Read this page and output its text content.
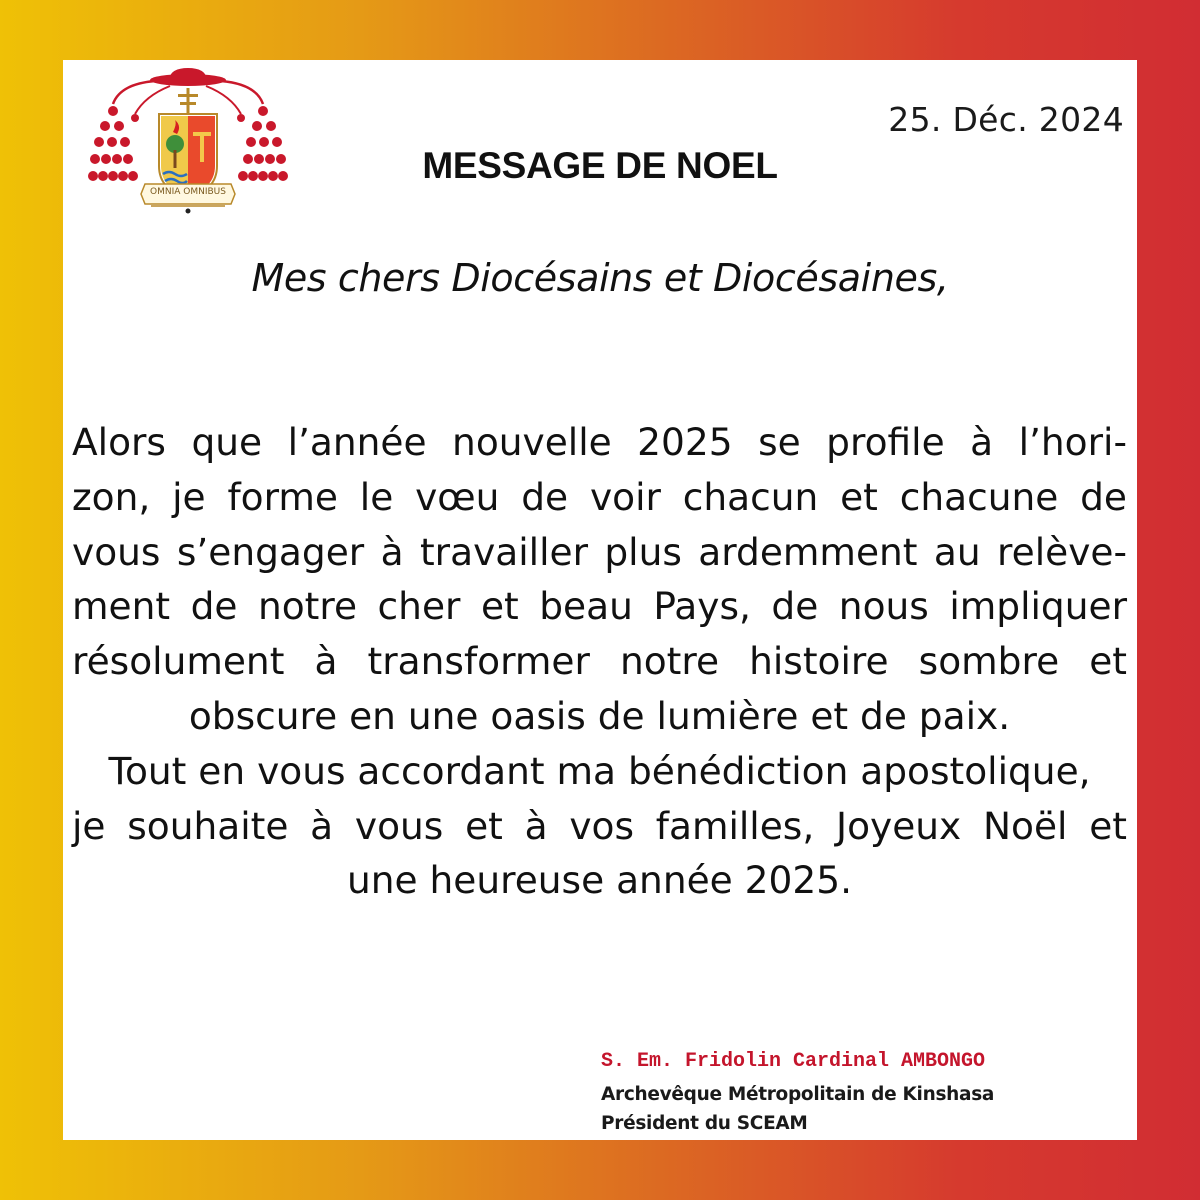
OMNIA OMNIBUS
25. Déc. 2024
MESSAGE DE NOEL
Mes chers Diocésains et Diocésaines,
Alors que l’année nouvelle 2025 se profile à l’hori-
zon, je forme le vœu de voir chacun et chacune de
vous s’engager à travailler plus ardemment au relève-
ment de notre cher et beau Pays, de nous impliquer
résolument à transformer notre histoire sombre et
obscure en une oasis de lumière et de paix.
Tout en vous accordant ma bénédiction apostolique,
je souhaite à vous et à vos familles, Joyeux Noël et
une heureuse année 2025.
S. Em. Fridolin Cardinal AMBONGO
Archevêque Métropolitain de Kinshasa
Président du SCEAM
